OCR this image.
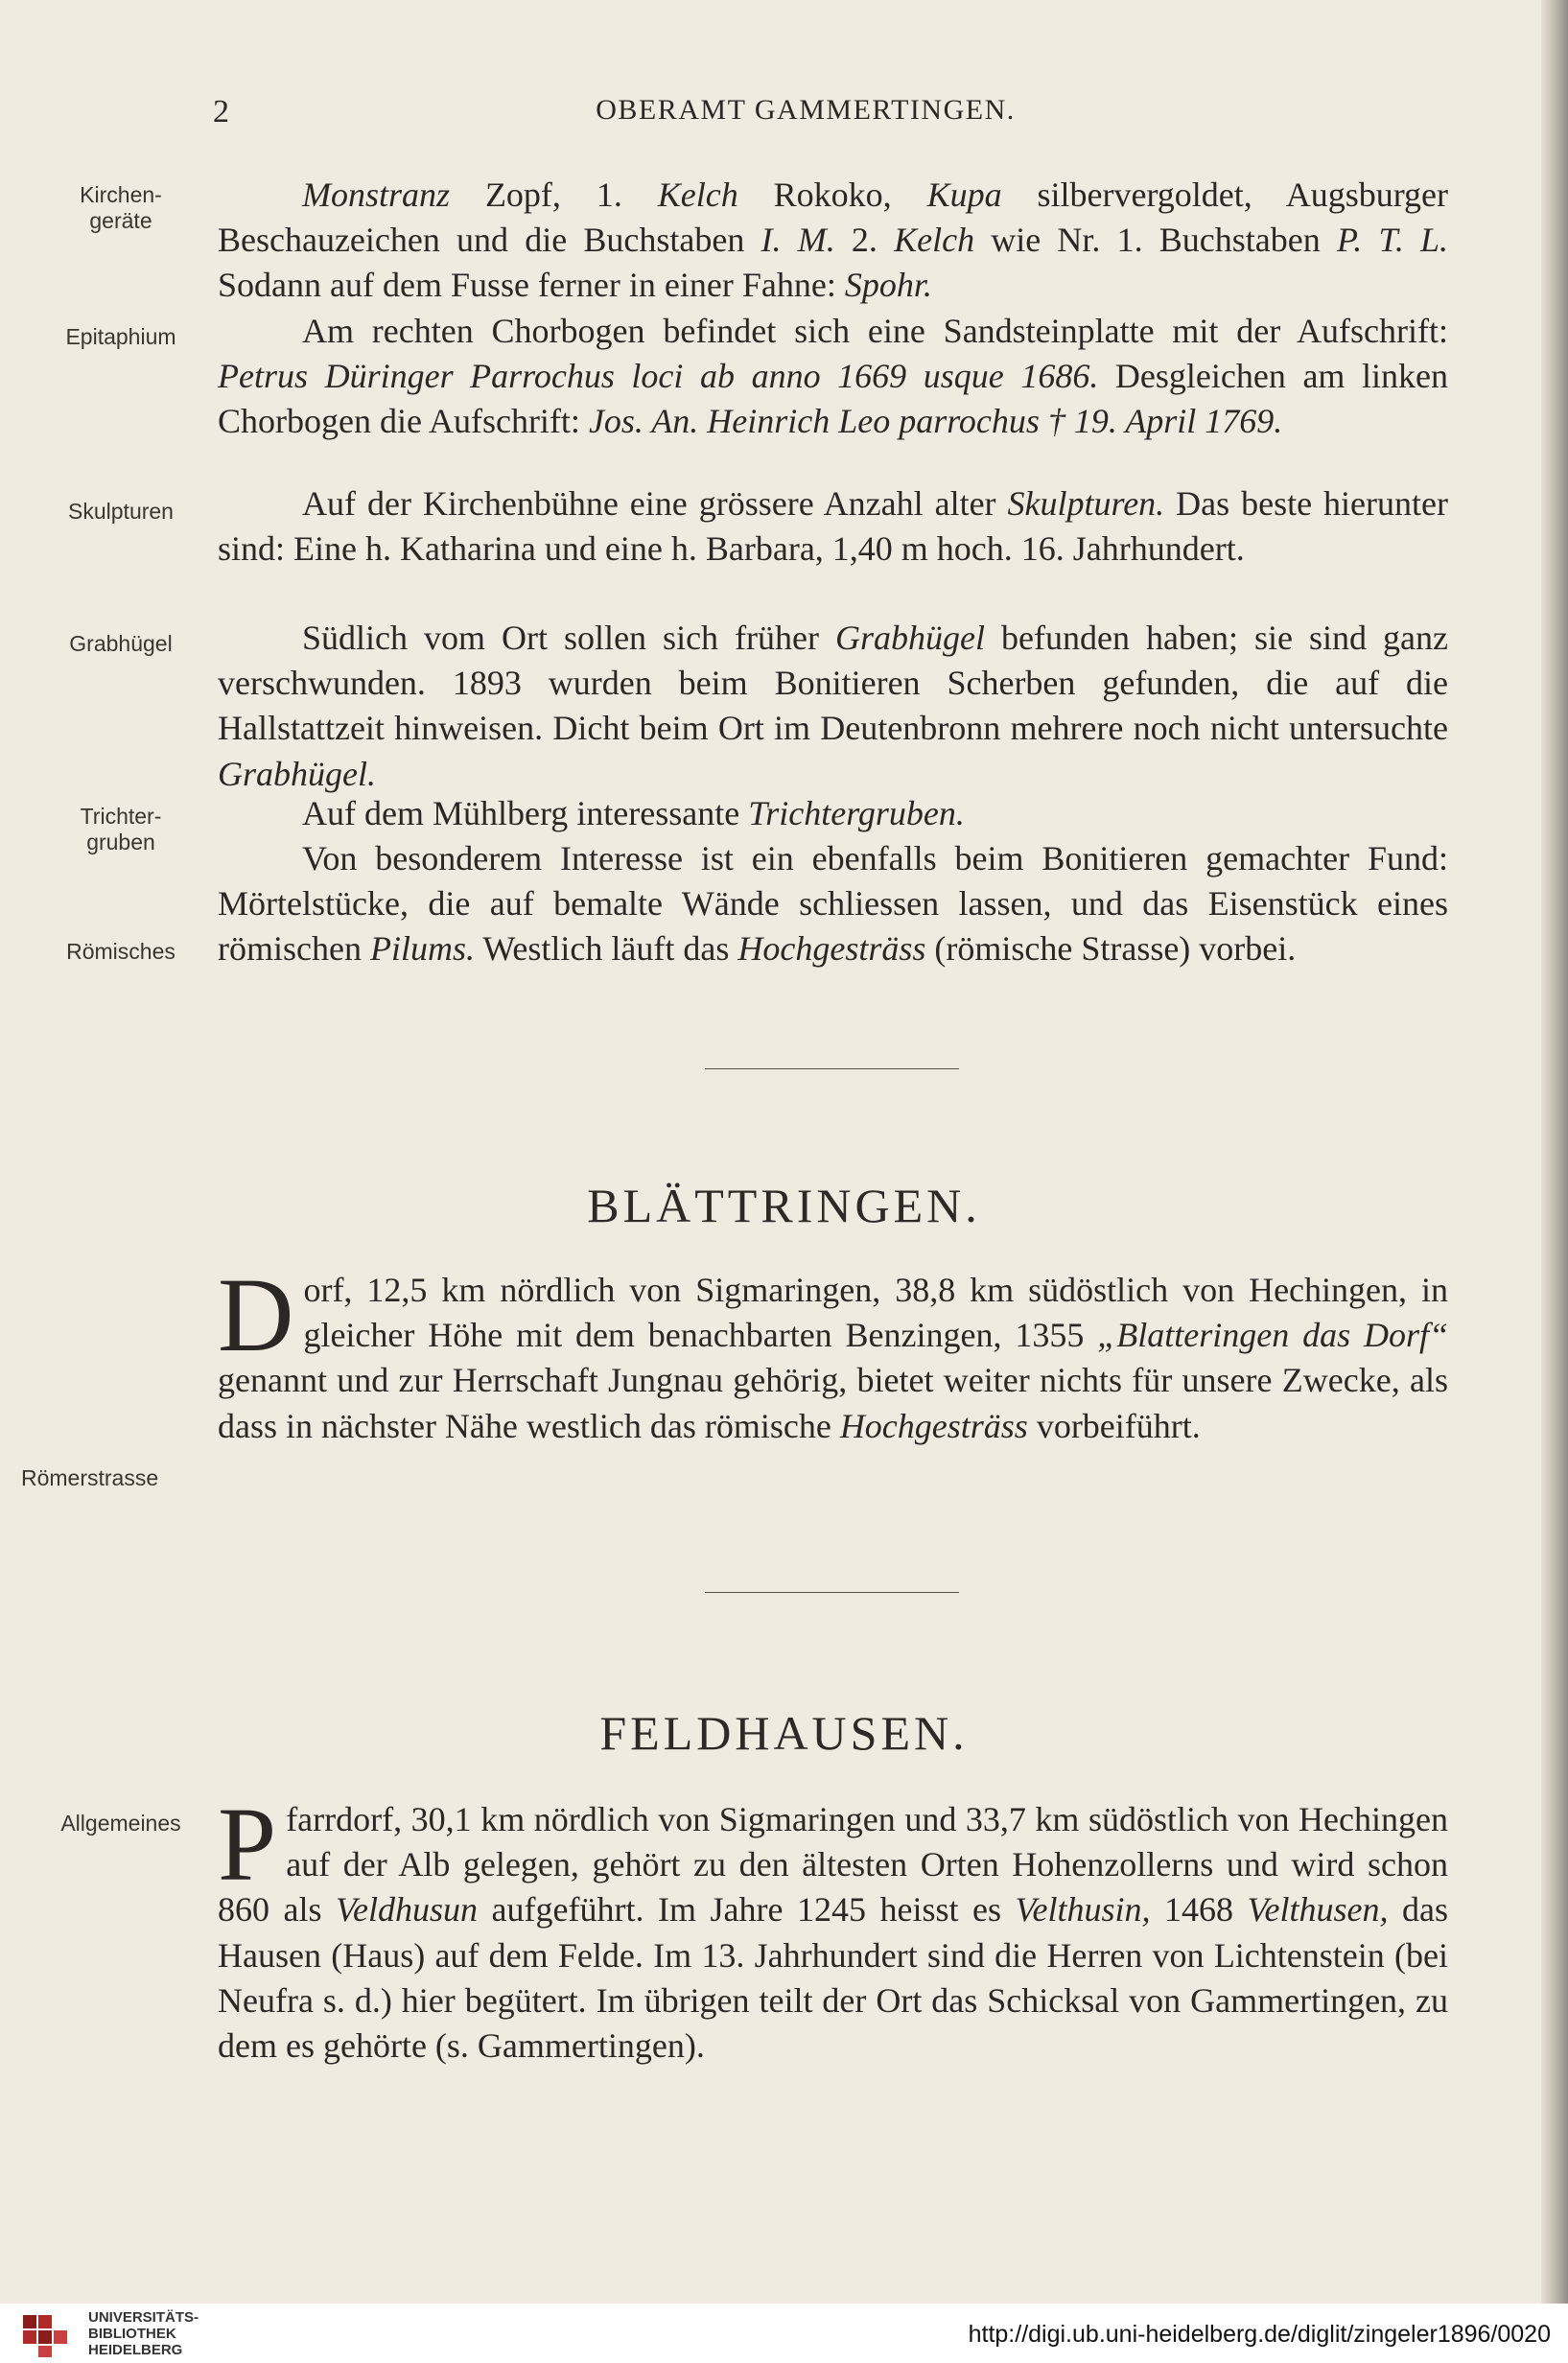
2	OBERAMT GAMMERTINGEN.
Kirchen-
geräte
Epitaphium
Skulpturen
Grabhügel
Trichter-
gruben
Römisches
Römerstrasse
Allgemeines
Monstranz Zopf, 1. Kelch Rokoko, Kupa silbervergoldet, Augsburger Beschauzeichen und die Buchstaben I. M. 2. Kelch wie Nr. 1. Buchstaben P. T. L. Sodann auf dem Fusse ferner in einer Fahne: Spohr.
Am rechten Chorbogen befindet sich eine Sandsteinplatte mit der Aufschrift: Petrus Düringer Parrochus loci ab anno 1669 usque 1686. Desgleichen am linken Chorbogen die Aufschrift: Jos. An. Heinrich Leo parrochus † 19. April 1769.
Auf der Kirchenbühne eine grössere Anzahl alter Skulpturen. Das beste hierunter sind: Eine h. Katharina und eine h. Barbara, 1,40 m hoch. 16. Jahrhundert.
Südlich vom Ort sollen sich früher Grabhügel befunden haben; sie sind ganz verschwunden. 1893 wurden beim Bonitieren Scherben gefunden, die auf die Hallstattzeit hinweisen. Dicht beim Ort im Deutenbronn mehrere noch nicht untersuchte Grabhügel.
Auf dem Mühlberg interessante Trichtergruben.
Von besonderem Interesse ist ein ebenfalls beim Bonitieren gemachter Fund: Mörtelstücke, die auf bemalte Wände schliessen lassen, und das Eisenstück eines römischen Pilums. Westlich läuft das Hochgesträss (römische Strasse) vorbei.
BLÄTTRINGEN.
Dorf, 12,5 km nördlich von Sigmaringen, 38,8 km südöstlich von Hechingen, in gleicher Höhe mit dem benachbarten Benzingen, 1355 „Blatteringen das Dorf“ genannt und zur Herrschaft Jungnau gehörig, bietet weiter nichts für unsere Zwecke, als dass in nächster Nähe westlich das römische Hochgesträss vorbeiführt.
FELDHAUSEN.
Pfarrdorf, 30,1 km nördlich von Sigmaringen und 33,7 km südöstlich von Hechingen auf der Alb gelegen, gehört zu den ältesten Orten Hohenzollerns und wird schon 860 als Veldhusun aufgeführt. Im Jahre 1245 heisst es Velthusin, 1468 Velthusen, das Hausen (Haus) auf dem Felde. Im 13. Jahrhundert sind die Herren von Lichtenstein (bei Neufra s. d.) hier begütert. Im übrigen teilt der Ort das Schicksal von Gammertingen, zu dem es gehörte (s. Gammertingen).
UNIVERSITÄTS-
BIBLIOTHEK
HEIDELBERG
http://digi.ub.uni-heidelberg.de/diglit/zingeler1896/0020
